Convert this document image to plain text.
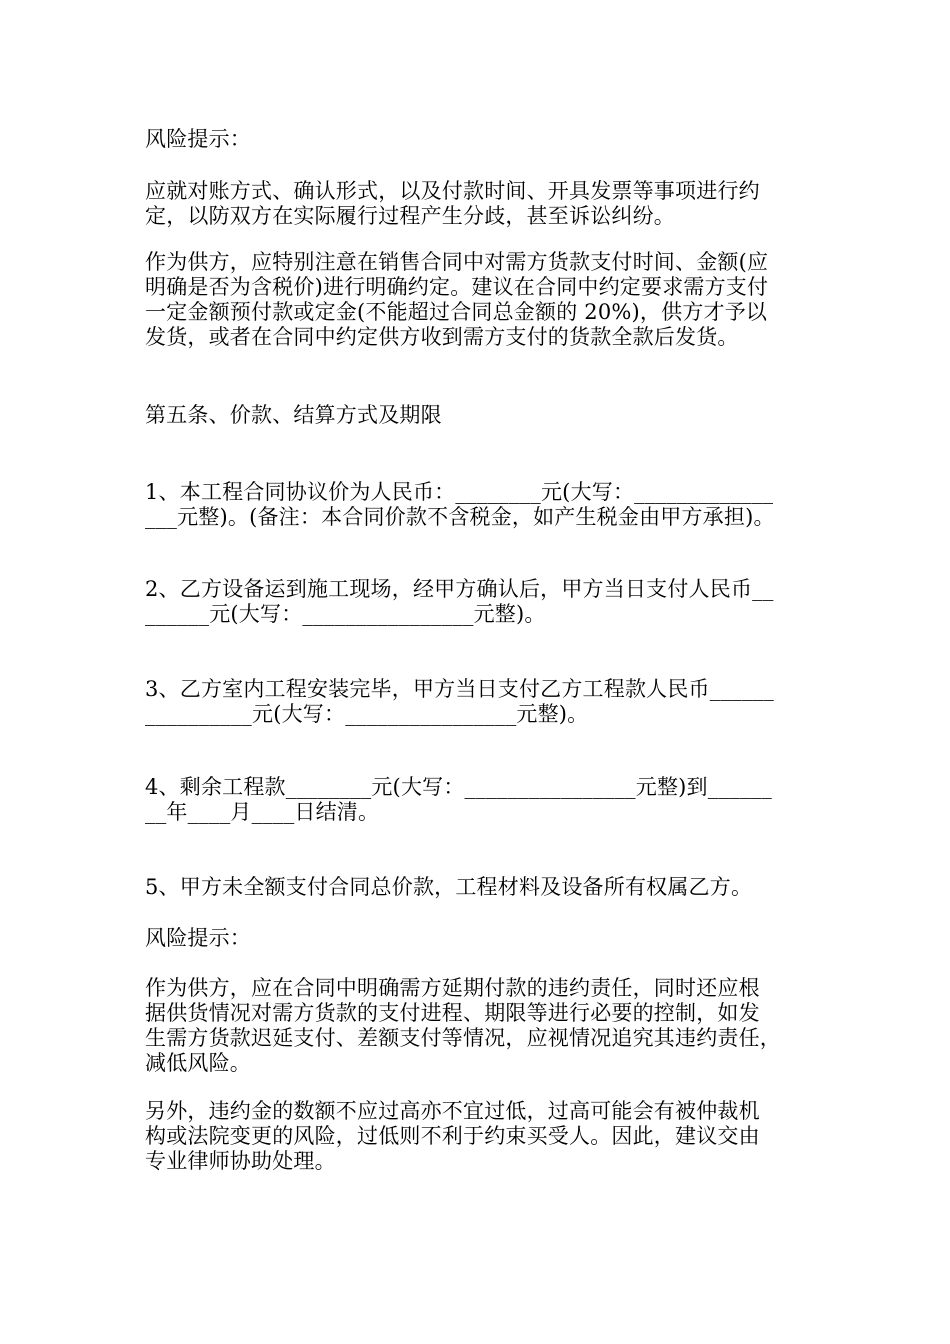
风险提示：
应就对账方式、确认形式，以及付款时间、开具发票等事项进行约
定，以防双方在实际履行过程产生分歧，甚至诉讼纠纷。
作为供方，应特别注意在销售合同中对需方货款支付时间、金额(应
明确是否为含税价)进行明确约定。建议在合同中约定要求需方支付
一定金额预付款或定金(不能超过合同总金额的 20%)，供方才予以
发货，或者在合同中约定供方收到需方支付的货款全款后发货。
第五条、价款、结算方式及期限
1、本工程合同协议价为人民币：________元(大写：_____________
___元整)。(备注：本合同价款不含税金，如产生税金由甲方承担)。
2、乙方设备运到施工现场，经甲方确认后，甲方当日支付人民币__
______元(大写：________________元整)。
3、乙方室内工程安装完毕，甲方当日支付乙方工程款人民币______
__________元(大写：________________元整)。
4、剩余工程款________元(大写：________________元整)到______
__年____月____日结清。
5、甲方未全额支付合同总价款，工程材料及设备所有权属乙方。
风险提示：
作为供方，应在合同中明确需方延期付款的违约责任，同时还应根
据供货情况对需方货款的支付进程、期限等进行必要的控制，如发
生需方货款迟延支付、差额支付等情况，应视情况追究其违约责任，
减低风险。
另外，违约金的数额不应过高亦不宜过低，过高可能会有被仲裁机
构或法院变更的风险，过低则不利于约束买受人。因此，建议交由
专业律师协助处理。
